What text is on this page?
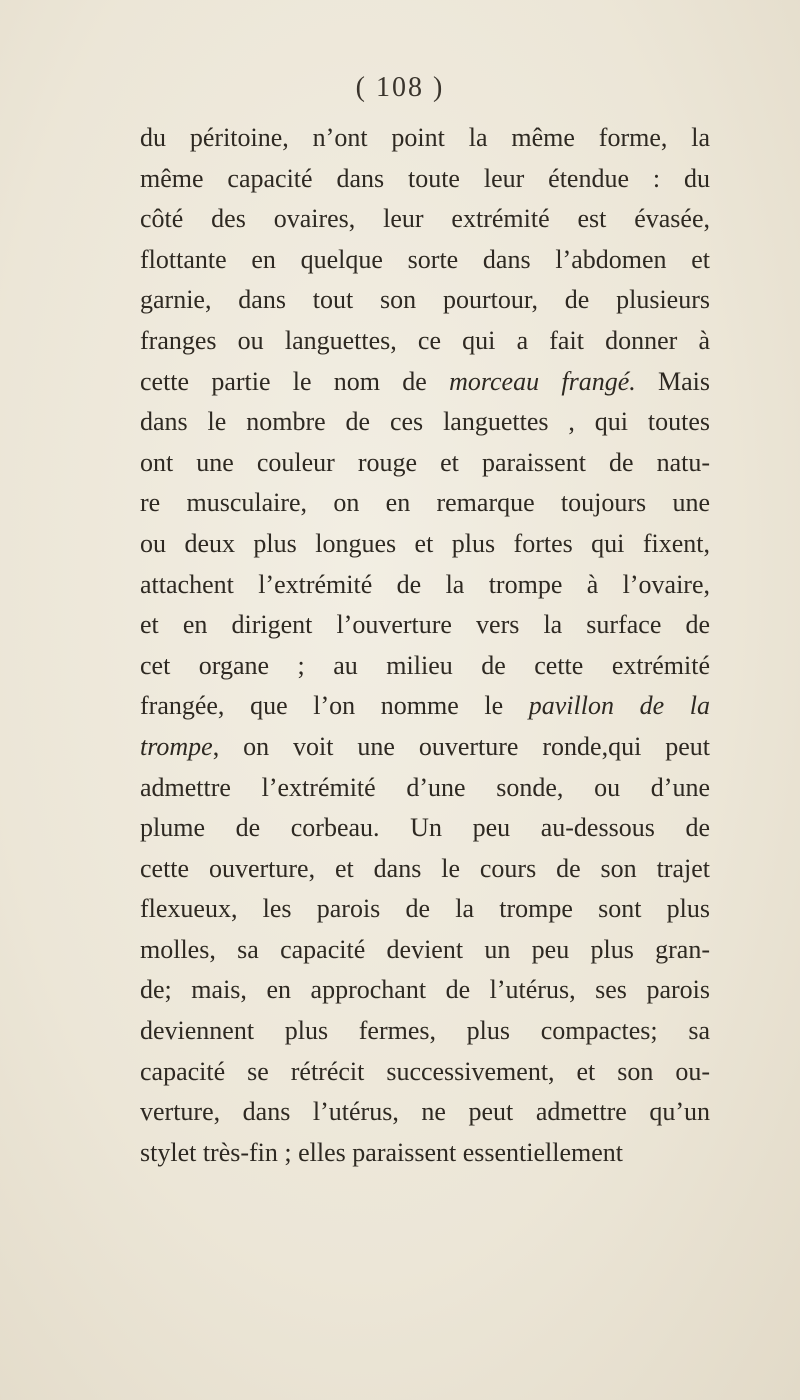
( 108 )
du péritoine, n’ont point la même forme, la
même capacité dans toute leur étendue : du
côté des ovaires, leur extrémité est évasée,
flottante en quelque sorte dans l’abdomen et
garnie, dans tout son pourtour, de plusieurs
franges ou languettes, ce qui a fait donner à
cette partie le nom de morceau frangé. Mais
dans le nombre de ces languettes , qui toutes
ont une couleur rouge et paraissent de natu-
re musculaire, on en remarque toujours une
ou deux plus longues et plus fortes qui fixent,
attachent l’extrémité de la trompe à l’ovaire,
et en dirigent l’ouverture vers la surface de
cet organe ; au milieu de cette extrémité
frangée, que l’on nomme le pavillon de la
trompe, on voit une ouverture ronde,qui peut
admettre l’extrémité d’une sonde, ou d’une
plume de corbeau. Un peu au-dessous de
cette ouverture, et dans le cours de son trajet
flexueux, les parois de la trompe sont plus
molles, sa capacité devient un peu plus gran-
de; mais, en approchant de l’utérus, ses parois
deviennent plus fermes, plus compactes; sa
capacité se rétrécit successivement, et son ou-
verture, dans l’utérus, ne peut admettre qu’un
stylet très-fin ; elles paraissent essentiellement
